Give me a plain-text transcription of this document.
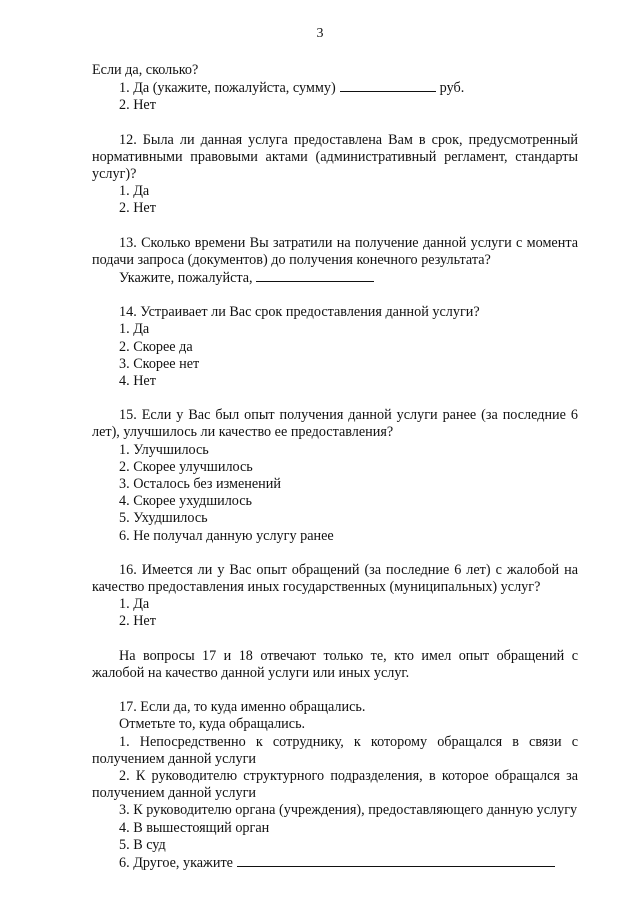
3

Если да, сколько?

1. Да (укажите, пожалуйста, сумму)	руб.

2. Нет

12. Была ли данная услуга предоставлена Вам в срок, предусмотренный нормативными правовыми актами (административный регламент, стандарты услуг)?

1. Да

2. Нет

13. Сколько времени Вы затратили на получение данной услуги с момента подачи запроса (документов) до получения конечного результата?

Укажите, пожалуйста,

14. Устраивает ли Вас срок предоставления данной услуги?

1. Да

2. Скорее да

3. Скорее нет

4. Нет

15. Если у Вас был опыт получения данной услуги ранее (за последние 6 лет), улучшилось ли качество ее предоставления?

1. Улучшилось

2. Скорее улучшилось

3. Осталось без изменений

4. Скорее ухудшилось

5. Ухудшилось

6. Не получал данную услугу ранее

16. Имеется ли у Вас опыт обращений (за последние 6 лет) с жалобой на качество предоставления иных государственных (муниципальных) услуг?

1. Да

2. Нет

На вопросы 17 и 18 отвечают только те, кто имел опыт обращений с жалобой на качество данной услуги или иных услуг.

17. Если да, то куда именно обращались.

Отметьте то, куда обращались.

1. Непосредственно к сотруднику, к которому обращался в связи с получением данной услуги

2. К руководителю структурного подразделения, в которое обращался за получением данной услуги

3. К руководителю органа (учреждения), предоставляющего данную услугу

4. В вышестоящий орган

5. В суд

6. Другое, укажите
